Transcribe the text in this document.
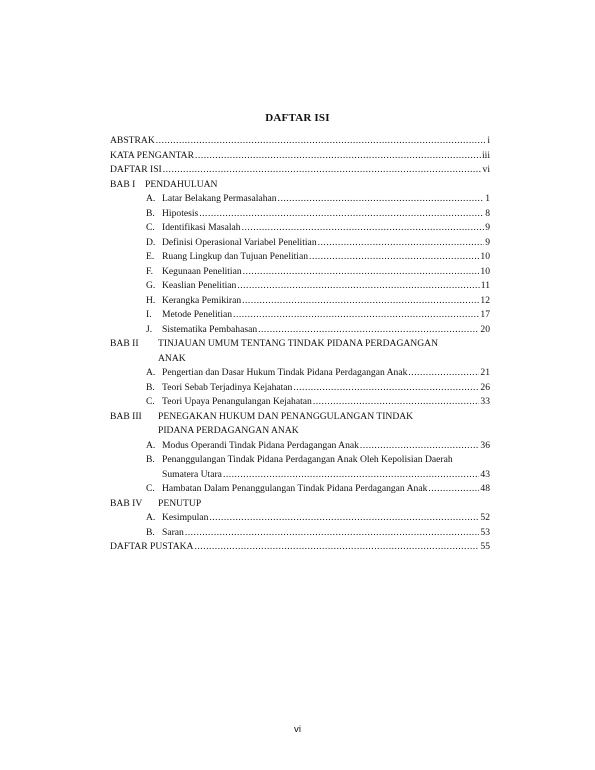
DAFTAR ISI
ABSTRAK .....	i
KATA PENGANTAR .....	iii
DAFTAR ISI .....	vi
BAB I	PENDAHULUAN
A. Latar Belakang Permasalahan .....	1
B. Hipotesis .....	8
C. Identifikasi Masalah .....	9
D. Definisi Operasional Variabel Penelitian .....	9
E. Ruang Lingkup dan Tujuan Penelitian .....	10
F. Kegunaan Penelitian .....	10
G. Keaslian Penelitian .....	11
H. Kerangka Pemikiran .....	12
I.	Metode Penelitian .....	17
J.	Sistematika Pembahasan .....	20
BAB II	TINJAUAN UMUM TENTANG TINDAK PIDANA PERDAGANGAN
ANAK
A. Pengertian dan Dasar Hukum Tindak Pidana Perdagangan Anak .....	21
B. Teori Sebab Terjadinya Kejahatan .....	26
C. Teori Upaya Penangulangan Kejahatan .....	33
BAB III	PENEGAKAN HUKUM DAN PENANGGULANGAN TINDAK
PIDANA PERDAGANGAN ANAK
A. Modus Operandi Tindak Pidana Perdagangan Anak .....	36
B. Penanggulangan Tindak Pidana Perdagangan Anak Oleh Kepolisian Daerah
Sumatera Utara .....	43
C. Hambatan Dalam Penanggulangan Tindak Pidana Perdagangan Anak .....	48
BAB IV	PENUTUP
A. Kesimpulan .....	52
B. Saran .....	53
DAFTAR PUSTAKA .....	55
vi
